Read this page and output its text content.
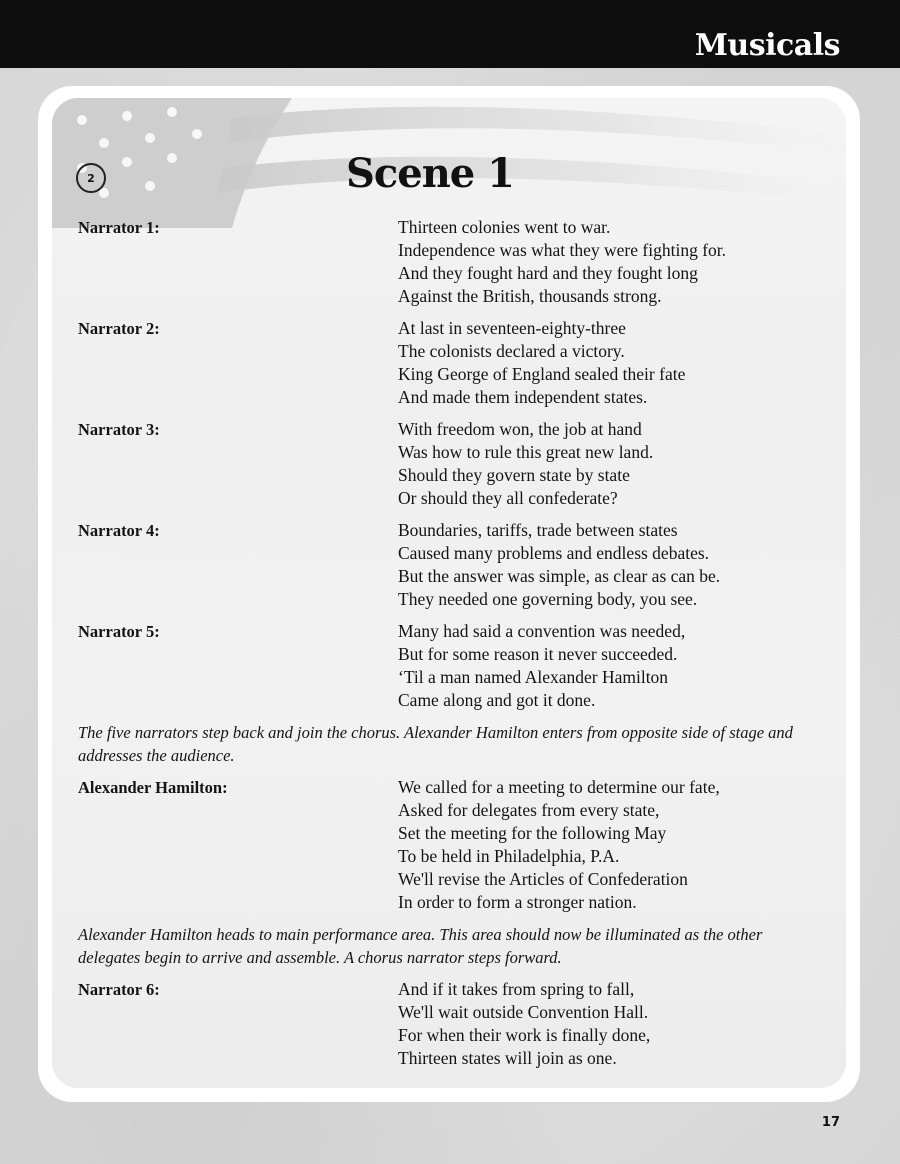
Musicals
2	Scene 1
Narrator 1:	Thirteen colonies went to war.
Independence was what they were fighting for.
And they fought hard and they fought long
Against the British, thousands strong.
Narrator 2:	At last in seventeen-eighty-three
The colonists declared a victory.
King George of England sealed their fate
And made them independent states.
Narrator 3:	With freedom won, the job at hand
Was how to rule this great new land.
Should they govern state by state
Or should they all confederate?
Narrator 4:	Boundaries, tariffs, trade between states
Caused many problems and endless debates.
But the answer was simple, as clear as can be.
They needed one governing body, you see.
Narrator 5:	Many had said a convention was needed,
But for some reason it never succeeded.
‘Til a man named Alexander Hamilton
Came along and got it done.
The five narrators step back and join the chorus. Alexander Hamilton enters from opposite side of stage and addresses the audience.
Alexander Hamilton:	We called for a meeting to determine our fate,
Asked for delegates from every state,
Set the meeting for the following May
To be held in Philadelphia, P.A.
We'll revise the Articles of Confederation
In order to form a stronger nation.
Alexander Hamilton heads to main performance area. This area should now be illuminated as the other delegates begin to arrive and assemble. A chorus narrator steps forward.
Narrator 6:	And if it takes from spring to fall,
We'll wait outside Convention Hall.
For when their work is finally done,
Thirteen states will join as one.
17
